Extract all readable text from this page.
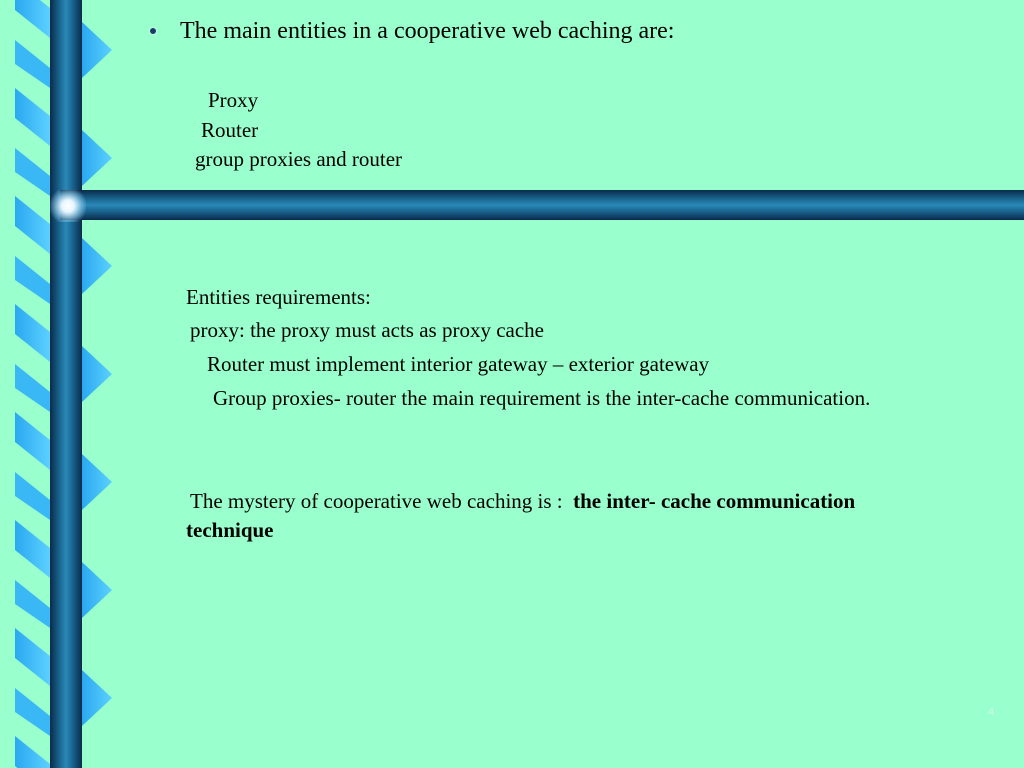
The main entities in a cooperative web caching are:
Proxy
Router
group proxies and router
Entities requirements:
proxy: the proxy must acts as proxy cache
Router must implement interior gateway – exterior gateway
Group proxies- router the main requirement is the inter-cache communication.
The mystery of cooperative web caching is : the inter- cache communication
technique
4
